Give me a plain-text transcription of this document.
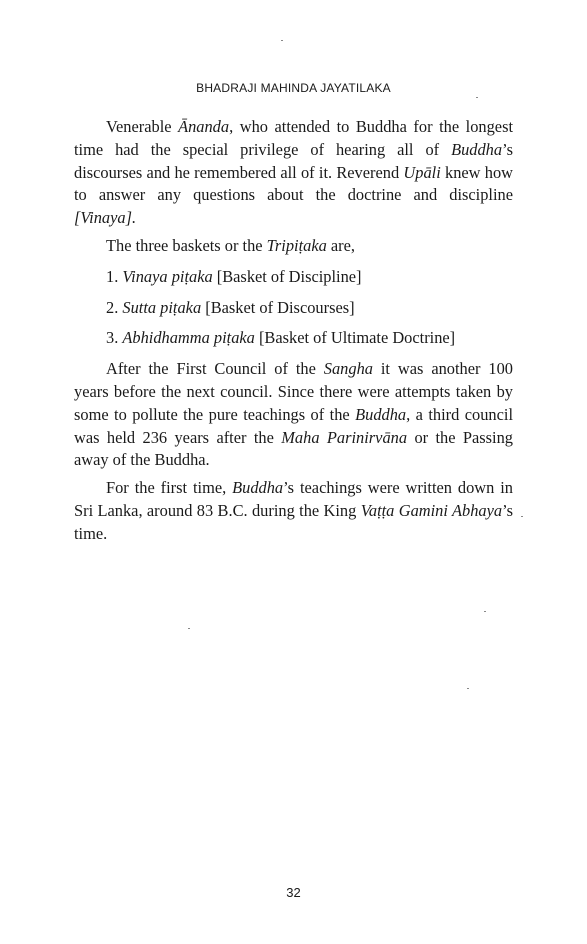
BHADRAJI MAHINDA JAYATILAKA

Venerable Ānanda, who attended to Buddha for the longest time had the special privilege of hearing all of Buddha’s discourses and he remembered all of it. Reverend Upāli knew how to answer any questions about the doctrine and discipline [Vinaya].

The three baskets or the Tripiṭaka are,

1. Vinaya piṭaka [Basket of Discipline]

2. Sutta piṭaka [Basket of Discourses]

3. Abhidhamma piṭaka [Basket of Ultimate Doctrine]

After the First Council of the Sangha it was another 100 years before the next council. Since there were attempts taken by some to pollute the pure teachings of the Buddha, a third council was held 236 years after the Maha Parinirvāna or the Passing away of the Buddha.

For the first time, Buddha’s teachings were written down in Sri Lanka, around 83 B.C. during the King Vaṭṭa Gamini Abhaya’s time.

32
